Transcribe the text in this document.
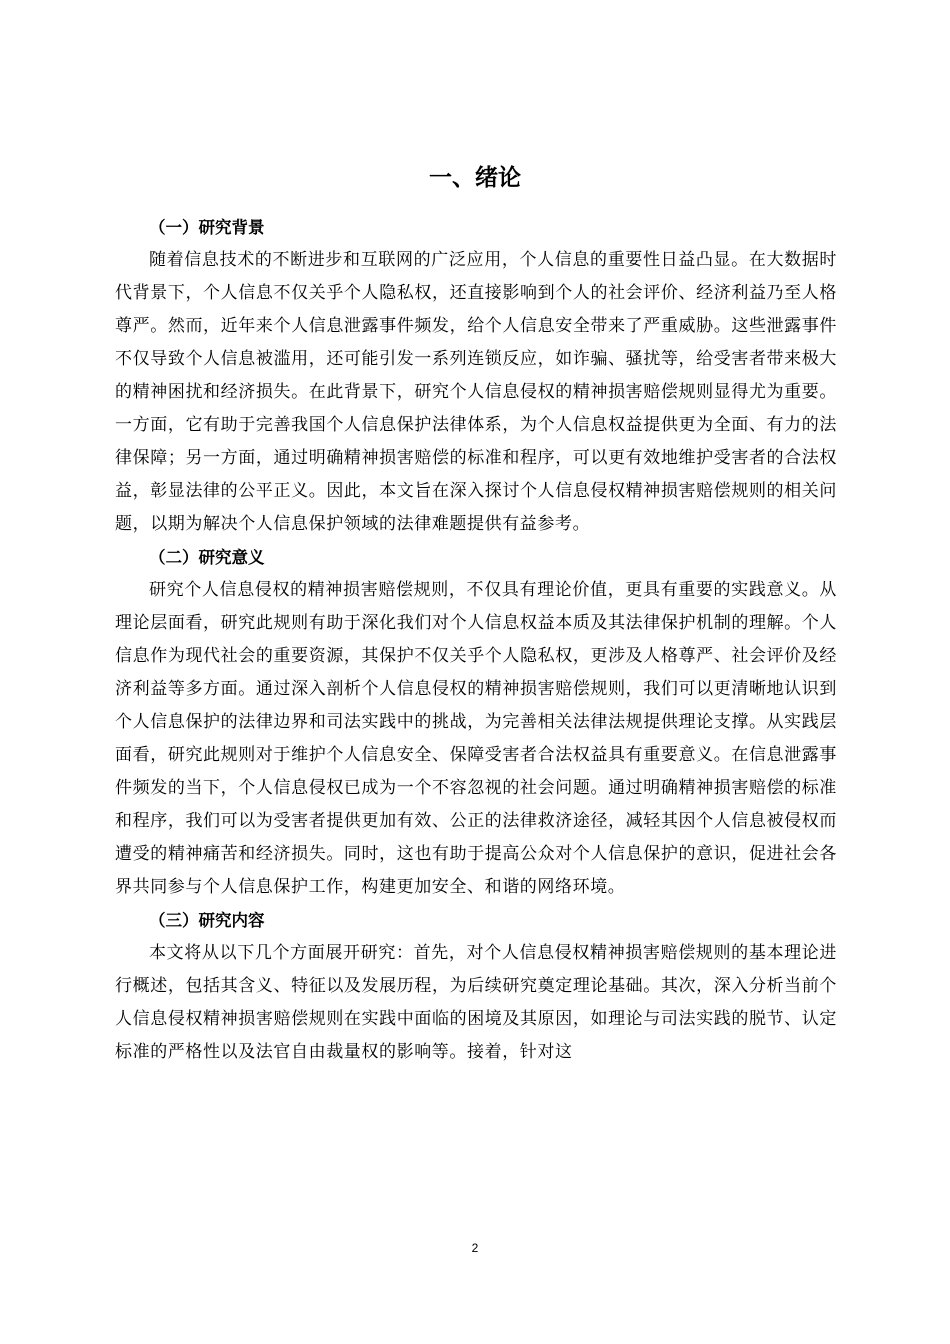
一、绪论

（一）研究背景

随着信息技术的不断进步和互联网的广泛应用，个人信息的重要性日益凸显。在大数据时代背景下，个人信息不仅关乎个人隐私权，还直接影响到个人的社会评价、经济利益乃至人格尊严。然而，近年来个人信息泄露事件频发，给个人信息安全带来了严重威胁。这些泄露事件不仅导致个人信息被滥用，还可能引发一系列连锁反应，如诈骗、骚扰等，给受害者带来极大的精神困扰和经济损失。在此背景下，研究个人信息侵权的精神损害赔偿规则显得尤为重要。一方面，它有助于完善我国个人信息保护法律体系，为个人信息权益提供更为全面、有力的法律保障；另一方面，通过明确精神损害赔偿的标准和程序，可以更有效地维护受害者的合法权益，彰显法律的公平正义。因此，本文旨在深入探讨个人信息侵权精神损害赔偿规则的相关问题，以期为解决个人信息保护领域的法律难题提供有益参考。

（二）研究意义

研究个人信息侵权的精神损害赔偿规则，不仅具有理论价值，更具有重要的实践意义。从理论层面看，研究此规则有助于深化我们对个人信息权益本质及其法律保护机制的理解。个人信息作为现代社会的重要资源，其保护不仅关乎个人隐私权，更涉及人格尊严、社会评价及经济利益等多方面。通过深入剖析个人信息侵权的精神损害赔偿规则，我们可以更清晰地认识到个人信息保护的法律边界和司法实践中的挑战，为完善相关法律法规提供理论支撑。从实践层面看，研究此规则对于维护个人信息安全、保障受害者合法权益具有重要意义。在信息泄露事件频发的当下，个人信息侵权已成为一个不容忽视的社会问题。通过明确精神损害赔偿的标准和程序，我们可以为受害者提供更加有效、公正的法律救济途径，减轻其因个人信息被侵权而遭受的精神痛苦和经济损失。同时，这也有助于提高公众对个人信息保护的意识，促进社会各界共同参与个人信息保护工作，构建更加安全、和谐的网络环境。

（三）研究内容

本文将从以下几个方面展开研究：首先，对个人信息侵权精神损害赔偿规则的基本理论进行概述，包括其含义、特征以及发展历程，为后续研究奠定理论基础。其次，深入分析当前个人信息侵权精神损害赔偿规则在实践中面临的困境及其原因，如理论与司法实践的脱节、认定标准的严格性以及法官自由裁量权的影响等。接着，针对这

2
